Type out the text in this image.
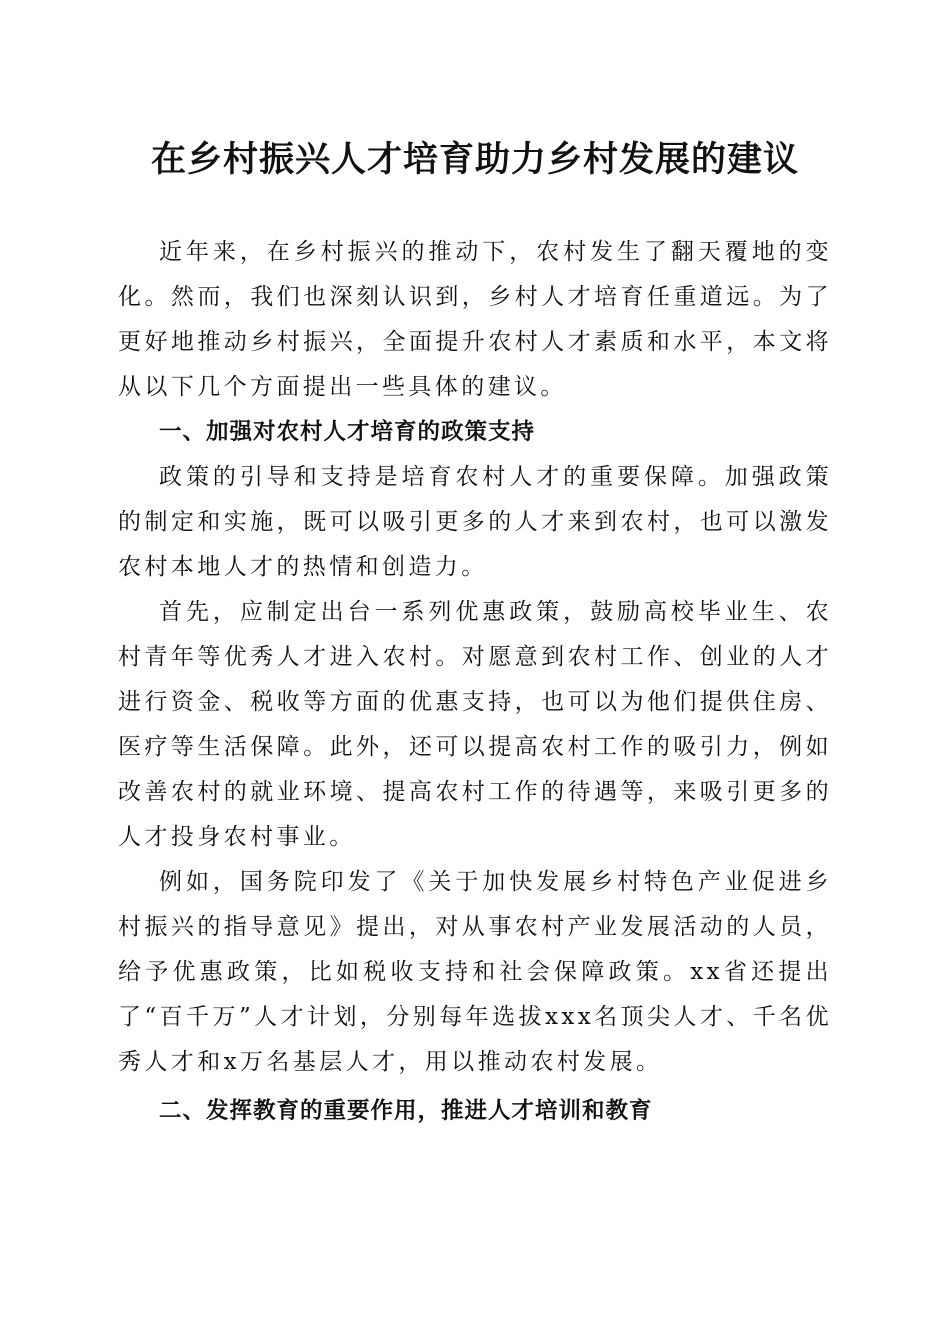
在乡村振兴人才培育助力乡村发展的建议

近年来，在乡村振兴的推动下，农村发生了翻天覆地的变化。然而，我们也深刻认识到，乡村人才培育任重道远。为了更好地推动乡村振兴，全面提升农村人才素质和水平，本文将从以下几个方面提出一些具体的建议。

一、加强对农村人才培育的政策支持

政策的引导和支持是培育农村人才的重要保障。加强政策的制定和实施，既可以吸引更多的人才来到农村，也可以激发农村本地人才的热情和创造力。

首先，应制定出台一系列优惠政策，鼓励高校毕业生、农村青年等优秀人才进入农村。对愿意到农村工作、创业的人才进行资金、税收等方面的优惠支持，也可以为他们提供住房、医疗等生活保障。此外，还可以提高农村工作的吸引力，例如改善农村的就业环境、提高农村工作的待遇等，来吸引更多的人才投身农村事业。

例如，国务院印发了《关于加快发展乡村特色产业促进乡村振兴的指导意见》提出，对从事农村产业发展活动的人员，给予优惠政策，比如税收支持和社会保障政策。xx省还提出了“百千万”人才计划，分别每年选拔xxx名顶尖人才、千名优秀人才和x万名基层人才，用以推动农村发展。

二、发挥教育的重要作用，推进人才培训和教育
